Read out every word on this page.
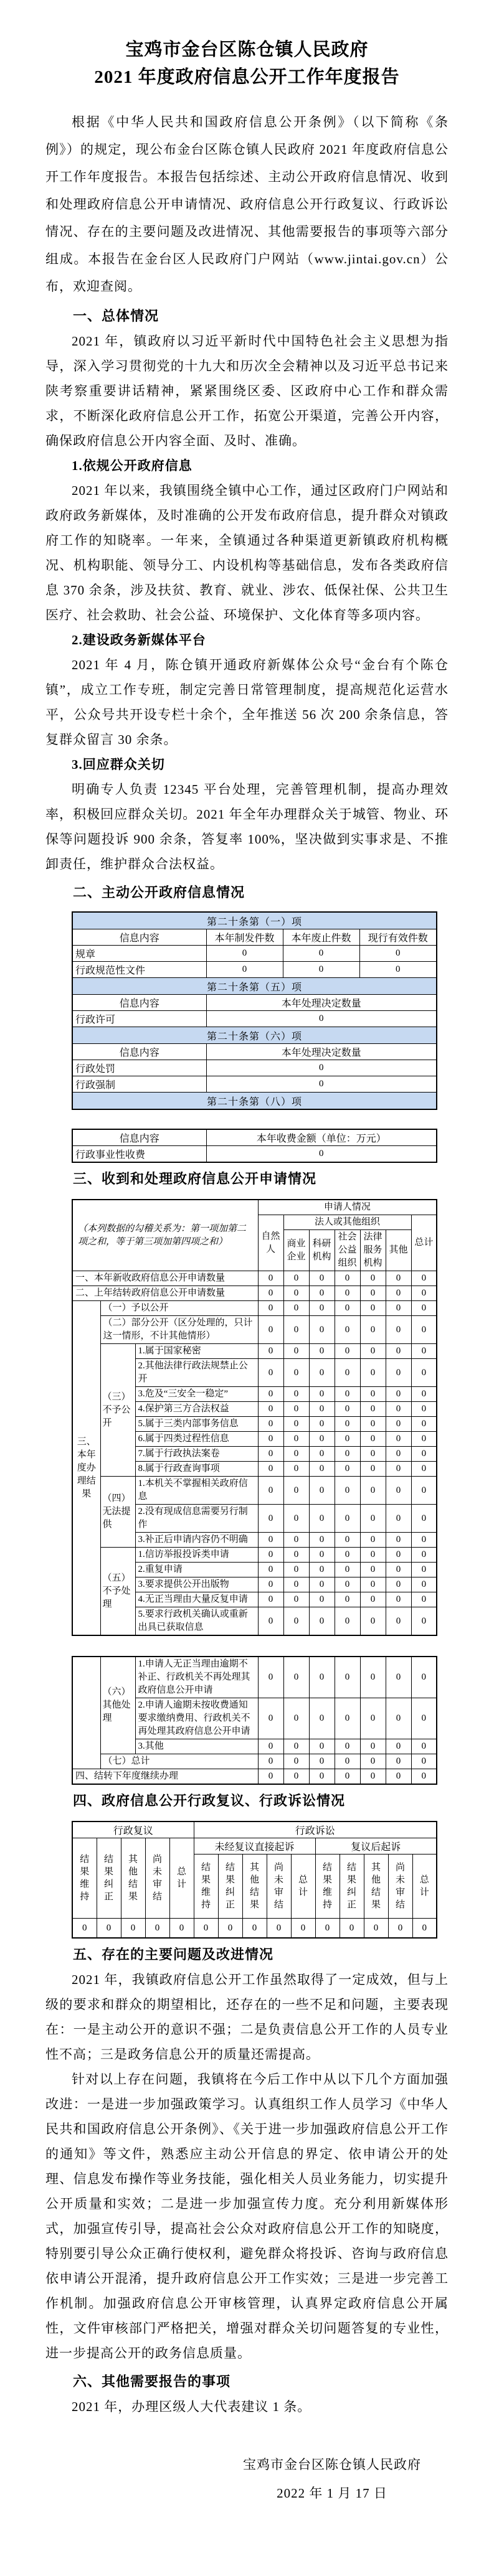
宝鸡市金台区陈仓镇人民政府
2021 年度政府信息公开工作年度报告

根据《中华人民共和国政府信息公开条例》（以下简称《条例》）的规定，现公布金台区陈仓镇人民政府 2021 年度政府信息公开工作年度报告。本报告包括综述、主动公开政府信息情况、收到和处理政府信息公开申请情况、政府信息公开行政复议、行政诉讼情况、存在的主要问题及改进情况、其他需要报告的事项等六部分组成。本报告在金台区人民政府门户网站（www.jintai.gov.cn）公布，欢迎查阅。

一、总体情况

2021 年，镇政府以习近平新时代中国特色社会主义思想为指导，深入学习贯彻党的十九大和历次全会精神以及习近平总书记来陕考察重要讲话精神，紧紧围绕区委、区政府中心工作和群众需求，不断深化政府信息公开工作，拓宽公开渠道，完善公开内容，确保政府信息公开内容全面、及时、准确。

1.依规公开政府信息

2021 年以来，我镇围绕全镇中心工作，通过区政府门户网站和政府政务新媒体，及时准确的公开发布政府信息，提升群众对镇政府工作的知晓率。一年来，全镇通过各种渠道更新镇政府机构概况、机构职能、领导分工、内设机构等基础信息，发布各类政府信息 370 余条，涉及扶贫、教育、就业、涉农、低保社保、公共卫生医疗、社会救助、社会公益、环境保护、文化体育等多项内容。

2.建设政务新媒体平台

2021 年 4 月，陈仓镇开通政府新媒体公众号“金台有个陈仓镇”，成立工作专班，制定完善日常管理制度，提高规范化运营水平，公众号共开设专栏十余个，全年推送 56 次 200 余条信息，答复群众留言 30 余条。

3.回应群众关切

明确专人负责 12345 平台处理，完善管理机制，提高办理效率，积极回应群众关切。2021 年全年办理群众关于城管、物业、环保等问题投诉 900 余条，答复率 100%，坚决做到实事求是、不推卸责任，维护群众合法权益。

二、主动公开政府信息情况
第二十条第（一）项			
信息内容	本年制发件数	本年废止件数	现行有效件数
规章	0	0	0
行政规范性文件	0	0	0
第二十条第（五）项			
信息内容	本年处理决定数量		
行政许可	0		
第二十条第（六）项			
信息内容	本年处理决定数量		
行政处罚	0		
行政强制	0		
第二十条第（八）项			
信息内容	本年收费金额（单位：万元）
行政事业性收费	0
三、收到和处理政府信息公开申请情况
（本列数据的勾稽关系为：第一项加第二项之和，等于第三项加第四项之和）			申请人情况						
			自然人	法人或其他组织					总计
				商业企业	科研机构	社会公益组织	法律服务机构	其他	
一、本年新收政府信息公开申请数量			0	0	0	0	0	0	0
二、上年结转政府信息公开申请数量			0	0	0	0	0	0	0
三、本年度办理结果	（一）予以公开		0	0	0	0	0	0	0
	（二）部分公开（区分处理的，只计这一情形，不计其他情形）		0	0	0	0	0	0	0
	（三）不予公开	1.属于国家秘密	0	0	0	0	0	0	0
		2.其他法律行政法规禁止公开	0	0	0	0	0	0	0
		3.危及“三安全一稳定”	0	0	0	0	0	0	0
		4.保护第三方合法权益	0	0	0	0	0	0	0
		5.属于三类内部事务信息	0	0	0	0	0	0	0
		6.属于四类过程性信息	0	0	0	0	0	0	0
		7.属于行政执法案卷	0	0	0	0	0	0	0
		8.属于行政查询事项	0	0	0	0	0	0	0
	（四）无法提供	1.本机关不掌握相关政府信息	0	0	0	0	0	0	0
		2.没有现成信息需要另行制作	0	0	0	0	0	0	0
		3.补正后申请内容仍不明确	0	0	0	0	0	0	0
	（五）不予处理	1.信访举报投诉类申请	0	0	0	0	0	0	0
		2.重复申请	0	0	0	0	0	0	0
		3.要求提供公开出版物	0	0	0	0	0	0	0
		4.无正当理由大量反复申请	0	0	0	0	0	0	0
		5.要求行政机关确认或重新出具已获取信息	0	0	0	0	0	0	0
	（六）其他处理	1.申请人无正当理由逾期不补正、行政机关不再处理其政府信息公开申请	0	0	0	0	0	0	0
		2.申请人逾期未按收费通知要求缴纳费用、行政机关不再处理其政府信息公开申请	0	0	0	0	0	0	0
		3.其他	0	0	0	0	0	0	0
	（七）总计		0	0	0	0	0	0	0
四、结转下年度继续办理			0	0	0	0	0	0	0
四、政府信息公开行政复议、行政诉讼情况
行政复议					行政诉讼									
结果维持	结果纠正	其他结果	尚未审结	总计	未经复议直接起诉					复议后起诉				
					结果维持	结果纠正	其他结果	尚未审结	总计	结果维持	结果纠正	其他结果	尚未审结	总计
0	0	0	0	0	0	0	0	0	0	0	0	0	0	0
五、存在的主要问题及改进情况

2021 年，我镇政府信息公开工作虽然取得了一定成效，但与上级的要求和群众的期望相比，还存在的一些不足和问题，主要表现在：一是主动公开的意识不强；二是负责信息公开工作的人员专业性不高；三是政务信息公开的质量还需提高。

针对以上存在问题，我镇将在今后工作中从以下几个方面加强改进：一是进一步加强政策学习。认真组织工作人员学习《中华人民共和国政府信息公开条例》、《关于进一步加强政府信息公开工作的通知》等文件，熟悉应主动公开信息的界定、依申请公开的处理、信息发布操作等业务技能，强化相关人员业务能力，切实提升公开质量和实效；二是进一步加强宣传力度。充分利用新媒体形式，加强宣传引导，提高社会公众对政府信息公开工作的知晓度，特别要引导公众正确行使权利，避免群众将投诉、咨询与政府信息依申请公开混淆，提升政府信息公开工作实效；三是进一步完善工作机制。加强政府信息公开审核管理，认真界定政府信息公开属性，文件审核部门严格把关，增强对群众关切问题答复的专业性，进一步提高公开的政务信息质量。

六、其他需要报告的事项

2021 年，办理区级人大代表建议 1 条。

宝鸡市金台区陈仓镇人民政府
2022 年 1 月 17 日
